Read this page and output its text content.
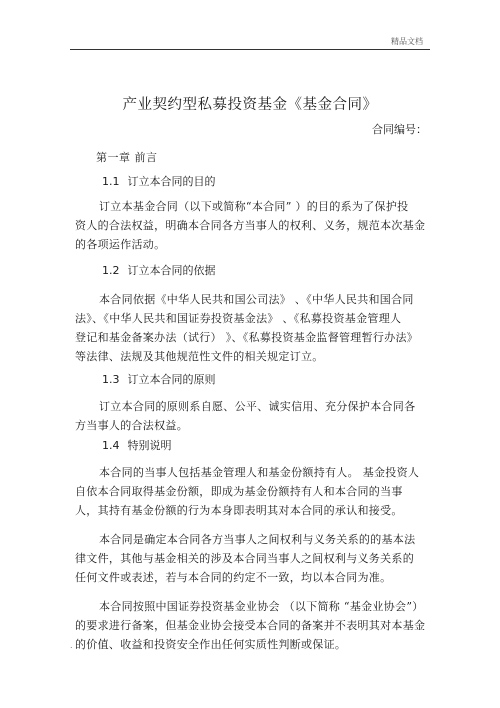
精品文档
产业契约型私募投资基金《基金合同》
合同编号：
第一章 前言
1.1 订立本合同的目的
订立本基金合同（以下或简称“本合同” ）的目的系为了保护投
资人的合法权益，明确本合同各方当事人的权利、义务，规范本次基金
的各项运作活动。
1.2 订立本合同的依据
本合同依据《中华人民共和国公司法》 、《中华人民共和国合同
法》、《中华人民共和国证券投资基金法》 、《私募投资基金管理人
登记和基金备案办法（试行） 》、《私募投资基金监督管理暂行办法》
等法律、法规及其他规范性文件的相关规定订立。
1.3 订立本合同的原则
订立本合同的原则系自愿、公平、诚实信用、充分保护本合同各
方当事人的合法权益。
1.4 特别说明
本合同的当事人包括基金管理人和基金份额持有人。 基金投资人
自依本合同取得基金份额，即成为基金份额持有人和本合同的当事
人，其持有基金份额的行为本身即表明其对本合同的承认和接受。
本合同是确定本合同各方当事人之间权利与义务关系的的基本法
律文件，其他与基金相关的涉及本合同当事人之间权利与义务关系的
任何文件或表述，若与本合同的约定不一致，均以本合同为准。
本合同按照中国证券投资基金业协会 （以下简称 “基金业协会”）
的要求进行备案，但基金业协会接受本合同的备案并不表明其对本基金
的价值、收益和投资安全作出任何实质性判断或保证。
.
